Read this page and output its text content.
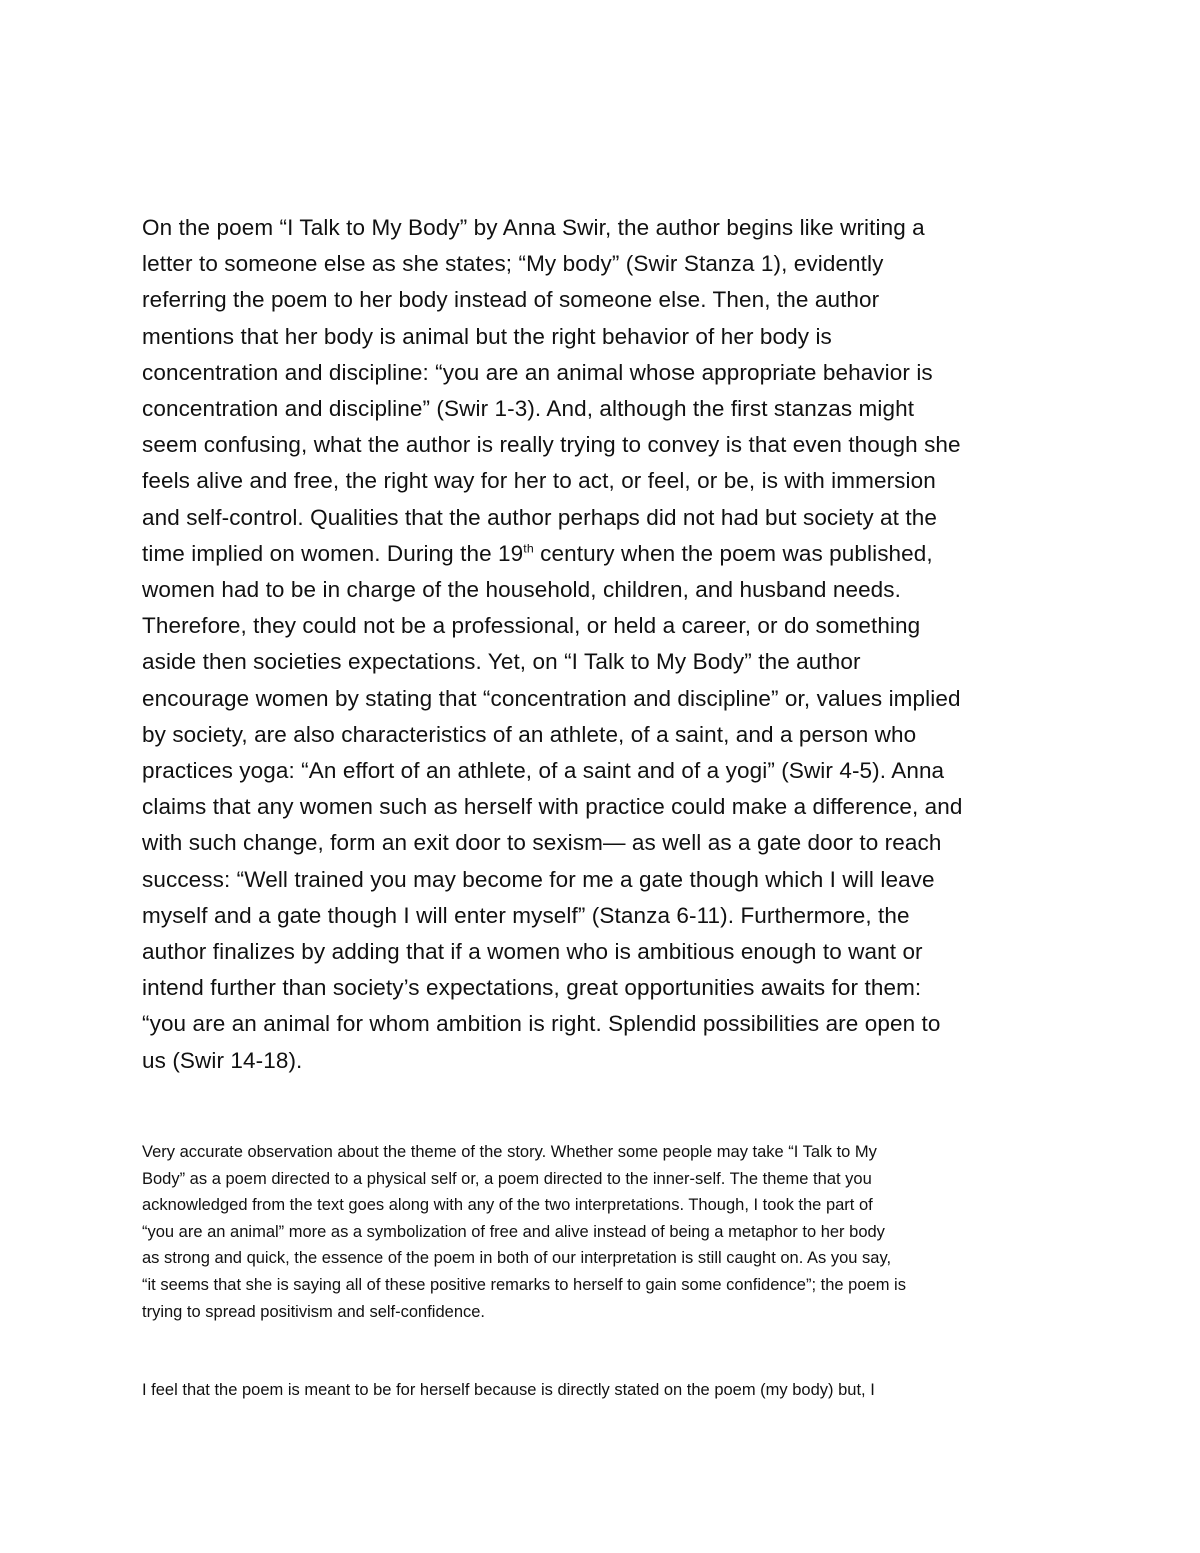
On the poem “I Talk to My Body” by Anna Swir, the author begins like writing a
letter to someone else as she states; “My body” (Swir Stanza 1), evidently
referring the poem to her body instead of someone else. Then, the author
mentions that her body is animal but the right behavior of her body is
concentration and discipline: “you are an animal whose appropriate behavior is
concentration and discipline” (Swir 1-3). And, although the first stanzas might
seem confusing, what the author is really trying to convey is that even though she
feels alive and free, the right way for her to act, or feel, or be, is with immersion
and self-control. Qualities that the author perhaps did not had but society at the
time implied on women. During the 19th century when the poem was published,
women had to be in charge of the household, children, and husband needs.
Therefore, they could not be a professional, or held a career, or do something
aside then societies expectations. Yet, on “I Talk to My Body” the author
encourage women by stating that “concentration and discipline” or, values implied
by society, are also characteristics of an athlete, of a saint, and a person who
practices yoga: “An effort of an athlete, of a saint and of a yogi” (Swir 4-5). Anna
claims that any women such as herself with practice could make a difference, and
with such change, form an exit door to sexism— as well as a gate door to reach
success: “Well trained you may become for me a gate though which I will leave
myself and a gate though I will enter myself” (Stanza 6-11). Furthermore, the
author finalizes by adding that if a women who is ambitious enough to want or
intend further than society’s expectations, great opportunities awaits for them:
“you are an animal for whom ambition is right. Splendid possibilities are open to
us (Swir 14-18).

Very accurate observation about the theme of the story. Whether some people may take “I Talk to My
Body” as a poem directed to a physical self or, a poem directed to the inner-self. The theme that you
acknowledged from the text goes along with any of the two interpretations. Though, I took the part of
“you are an animal” more as a symbolization of free and alive instead of being a metaphor to her body
as strong and quick, the essence of the poem in both of our interpretation is still caught on. As you say,
“it seems that she is saying all of these positive remarks to herself to gain some confidence”; the poem is
trying to spread positivism and self-confidence.

I feel that the poem is meant to be for herself because is directly stated on the poem (my body) but, I
